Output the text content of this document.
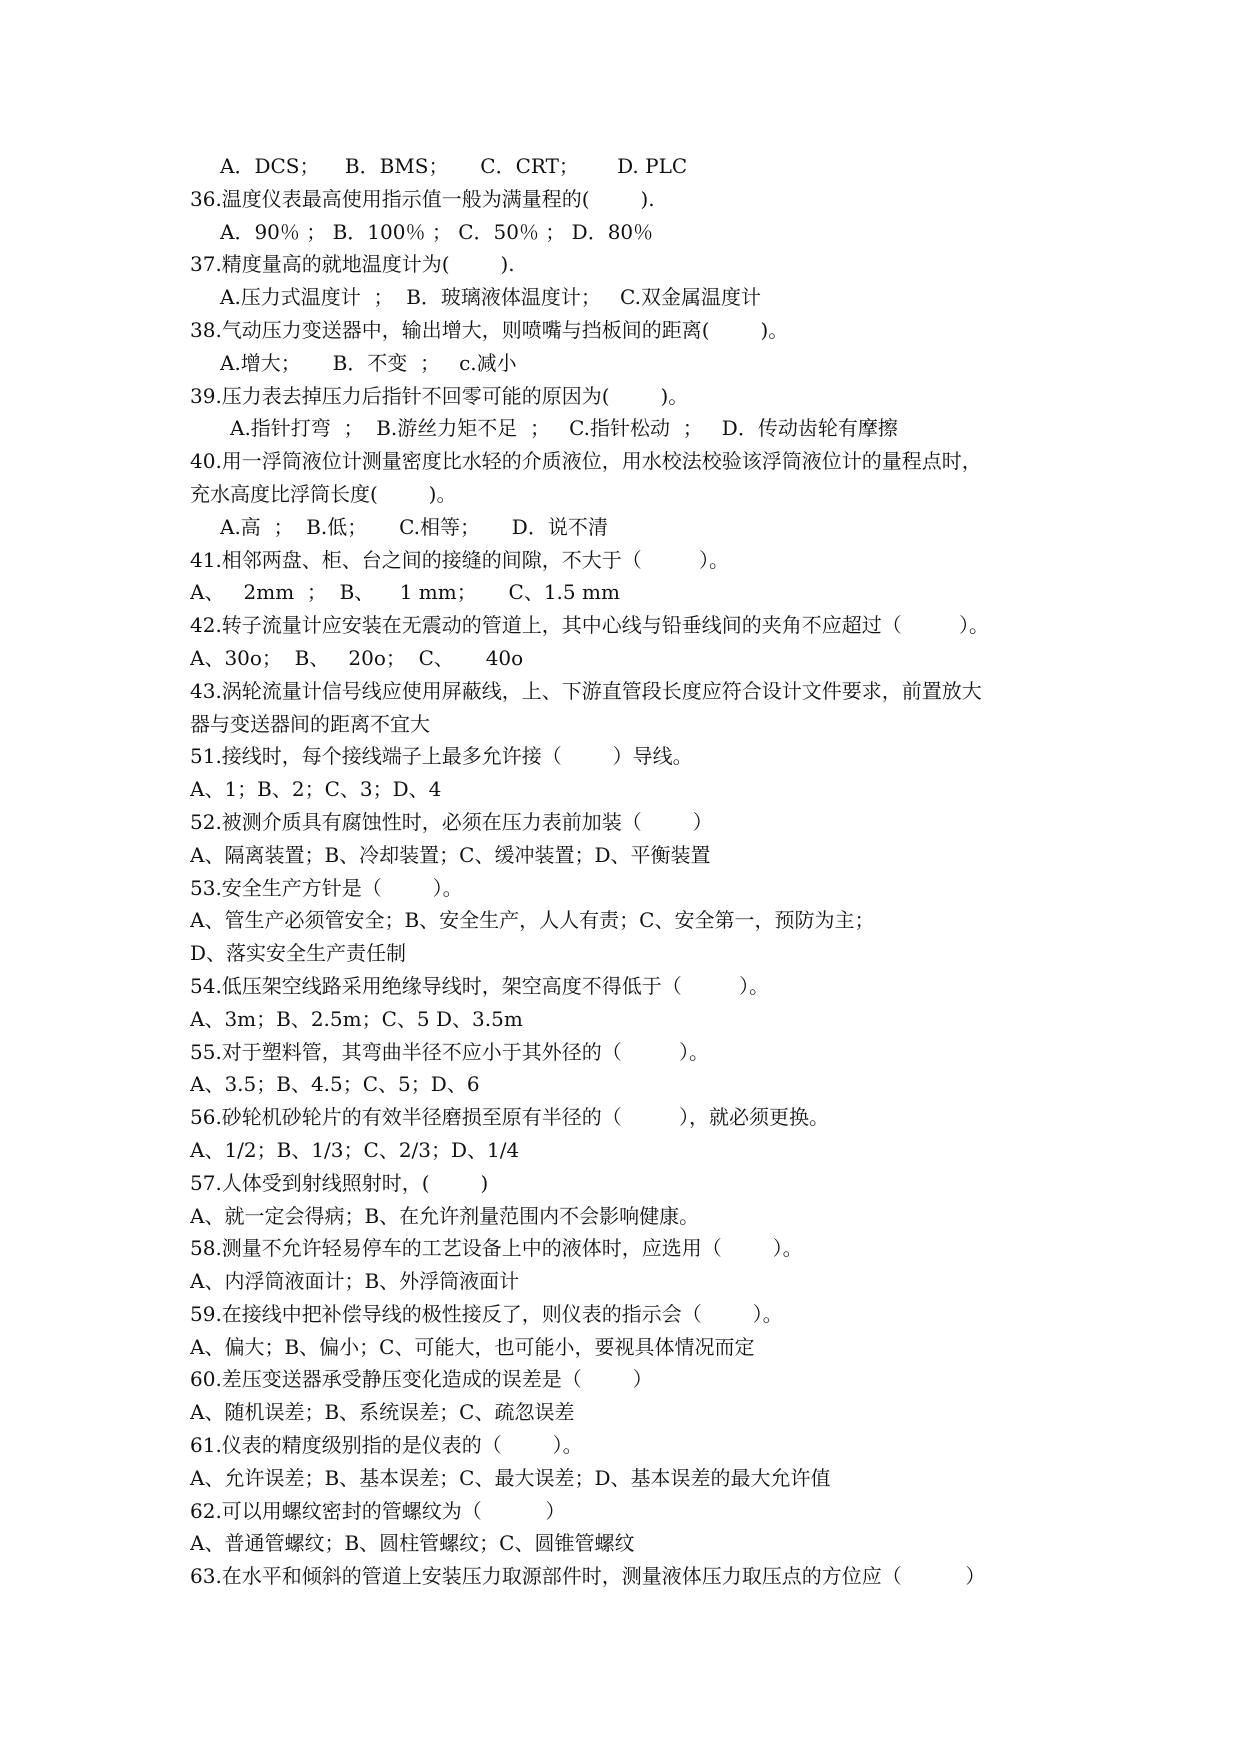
A．DCS；    B．BMS；     C．CRT；      D. PLC
36.温度仪表最高使用指示值一般为满量程的(        ).
A．90％ ； B．100％ ； C．50％ ； D．80％
37.精度量高的就地温度计为(        ).
A.压力式温度计  ；  B．玻璃液体温度计；   C.双金属温度计
38.气动压力变送器中，输出增大，则喷嘴与挡板间的距离(        )。
A.增大；     B．不变  ；   c.减小
39.压力表去掉压力后指针不回零可能的原因为(        )。
A.指针打弯  ；  B.游丝力矩不足  ；   C.指针松动  ；   D．传动齿轮有摩擦
40.用一浮筒液位计测量密度比水轻的介质液位，用水校法校验该浮筒液位计的量程点时，
充水高度比浮筒长度(        )。
A.高  ；  B.低；     C.相等；     D．说不清
41.相邻两盘、柜、台之间的接缝的间隙，不大于（         ）。
A、   2mm  ；  B、    1 mm；     C、1.5 mm
42.转子流量计应安装在无震动的管道上，其中心线与铅垂线间的夹角不应超过（         ）。
A、30o；  B、   20o；  C、     40o
43.涡轮流量计信号线应使用屏蔽线，上、下游直管段长度应符合设计文件要求，前置放大
器与变送器间的距离不宜大
51.接线时，每个接线端子上最多允许接（        ）导线。
A、1；B、2；C、3；D、4
52.被测介质具有腐蚀性时，必须在压力表前加装（        ）
A、隔离装置；B、冷却装置；C、缓冲装置；D、平衡装置
53.安全生产方针是（        ）。
A、管生产必须管安全；B、安全生产，人人有责；C、安全第一，预防为主；
D、落实安全生产责任制
54.低压架空线路采用绝缘导线时，架空高度不得低于（         ）。
A、3m；B、2.5m；C、5 D、3.5m
55.对于塑料管，其弯曲半径不应小于其外径的（         ）。
A、3.5；B、4.5；C、5；D、6
56.砂轮机砂轮片的有效半径磨损至原有半径的（         ），就必须更换。
A、1/2；B、1/3；C、2/3；D、1/4
57.人体受到射线照射时，(        )
A、就一定会得病；B、在允许剂量范围内不会影响健康。
58.测量不允许轻易停车的工艺设备上中的液体时，应选用（        ）。
A、内浮筒液面计；B、外浮筒液面计
59.在接线中把补偿导线的极性接反了，则仪表的指示会（        ）。
A、偏大；B、偏小；C、可能大，也可能小，要视具体情况而定
60.差压变送器承受静压变化造成的误差是（        ）
A、随机误差；B、系统误差；C、疏忽误差
61.仪表的精度级别指的是仪表的（        ）。
A、允许误差；B、基本误差；C、最大误差；D、基本误差的最大允许值
62.可以用螺纹密封的管螺纹为（          ）
A、普通管螺纹；B、圆柱管螺纹；C、圆锥管螺纹
63.在水平和倾斜的管道上安装压力取源部件时，测量液体压力取压点的方位应（          ）
